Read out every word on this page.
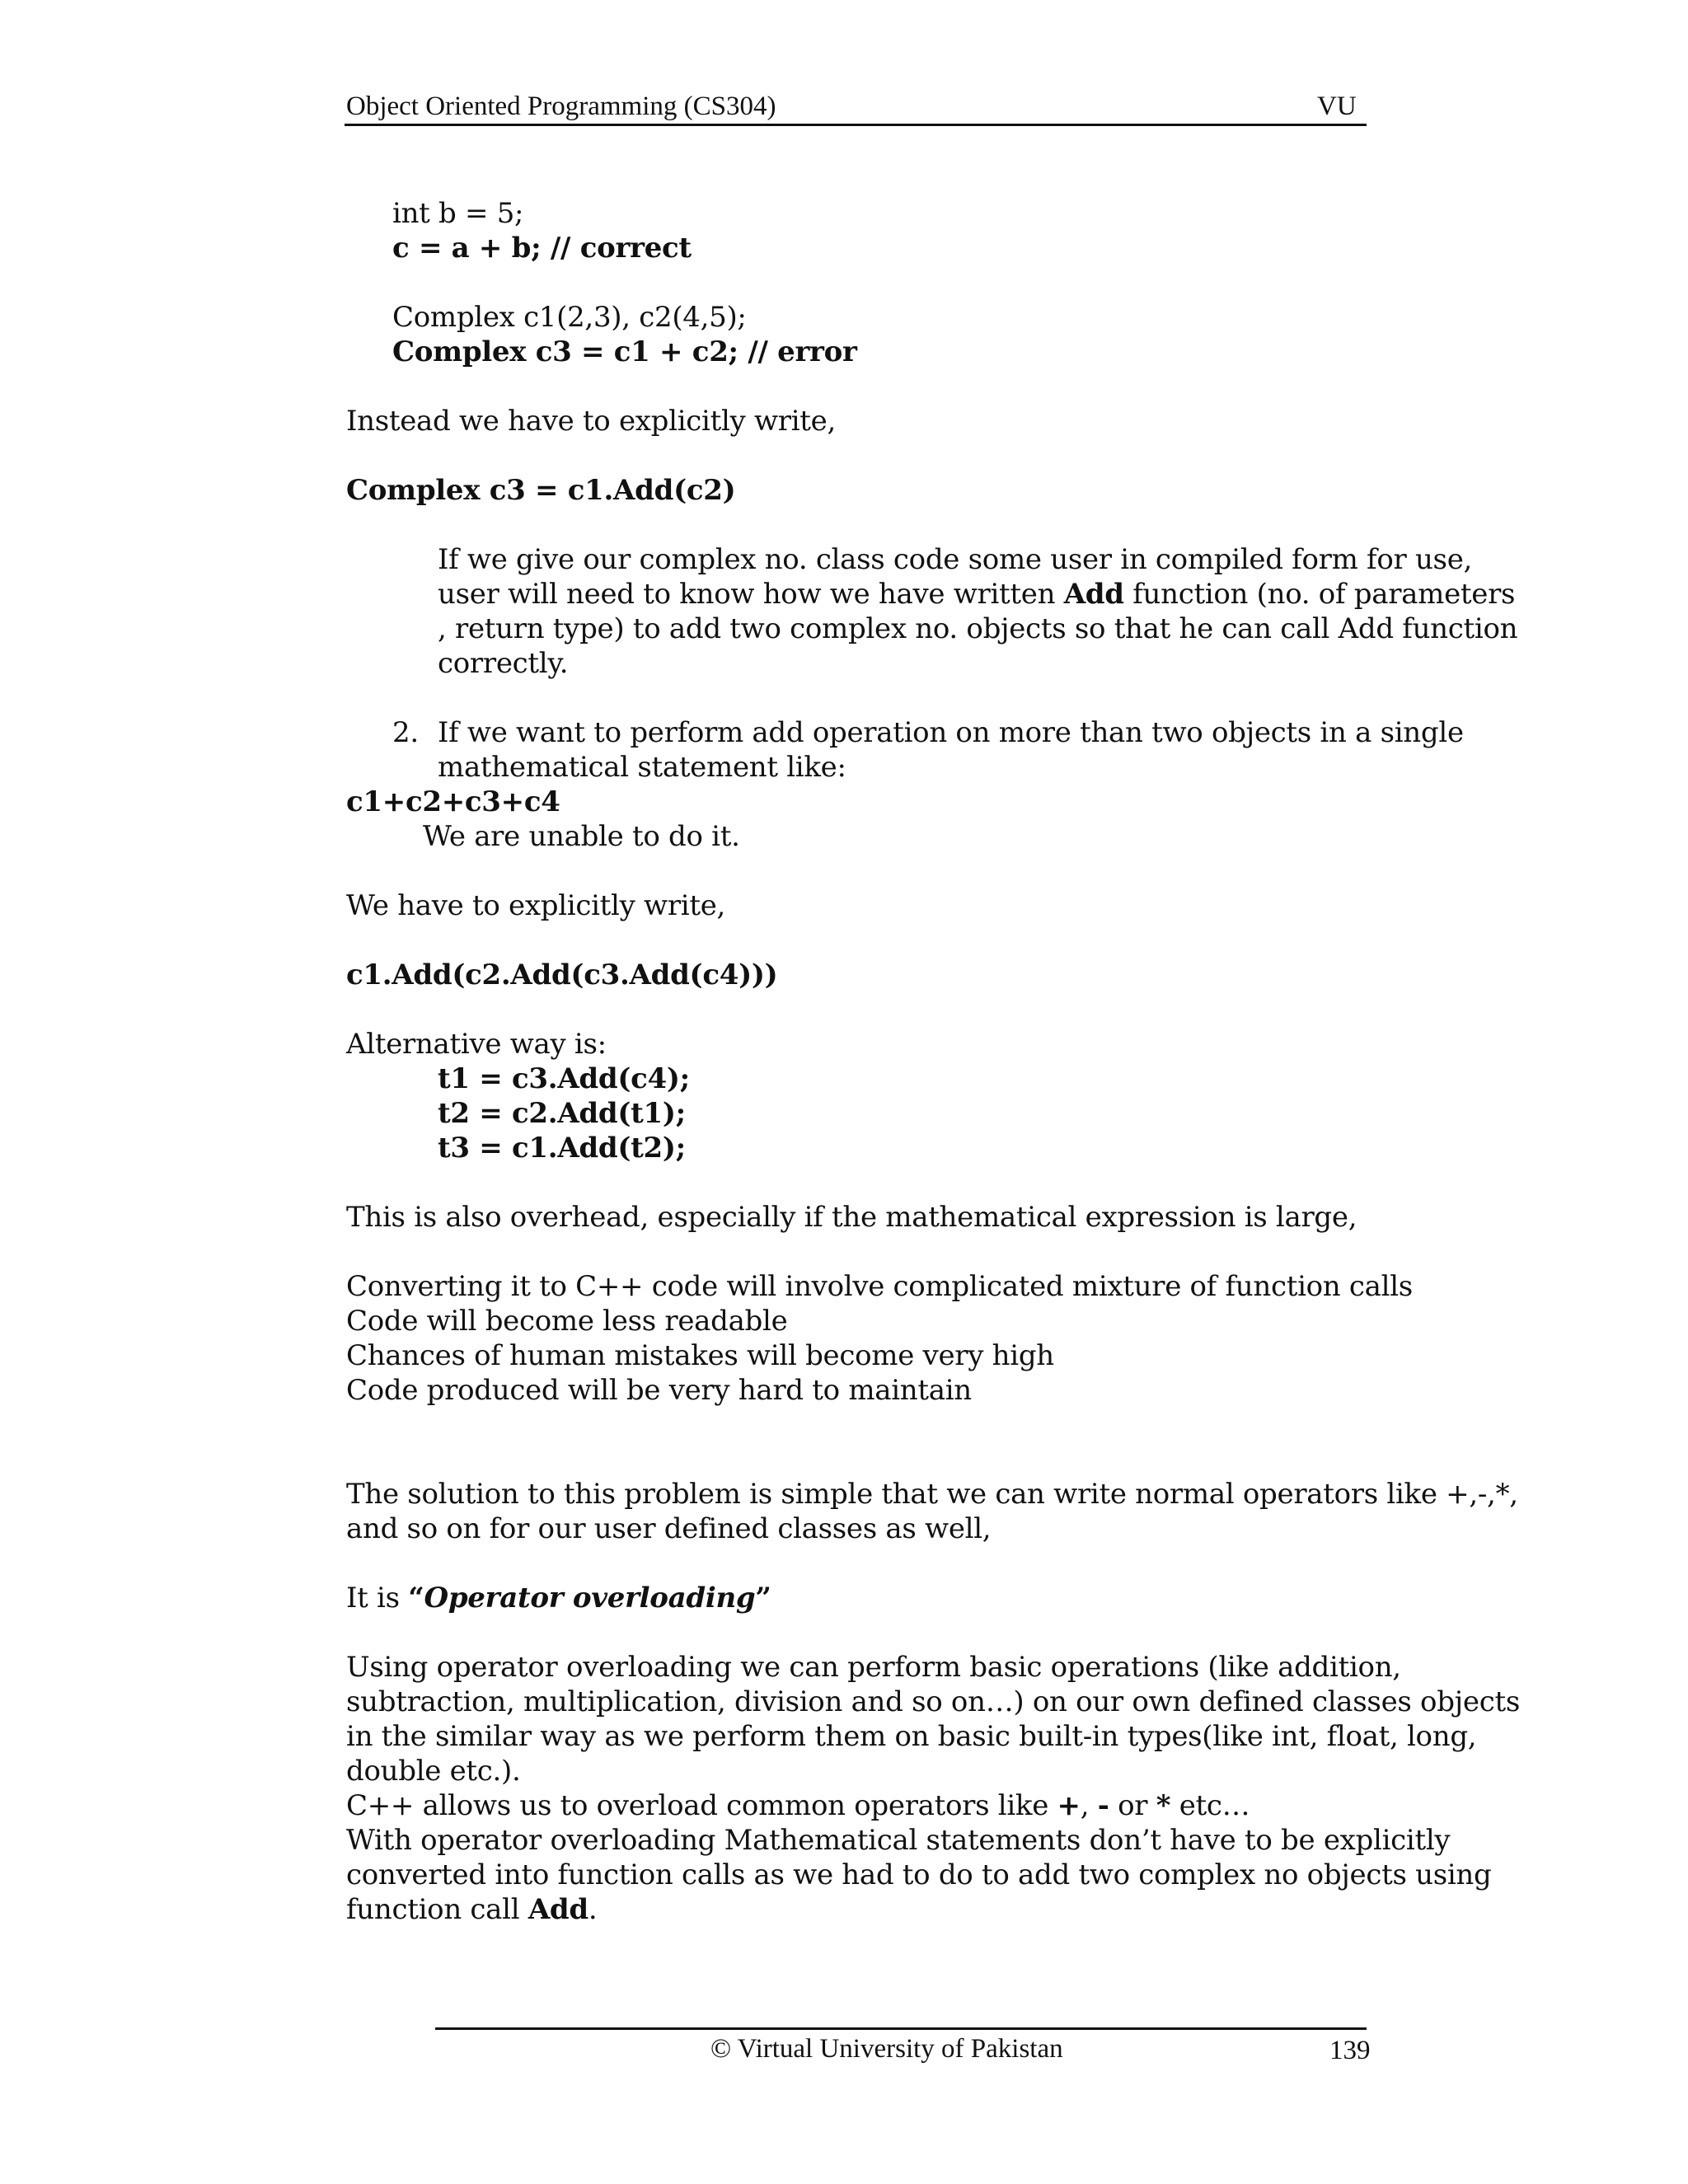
Object Oriented Programming (CS304)	VU
int b = 5;
c = a + b; // correct
Complex c1(2,3), c2(4,5);
Complex c3 = c1 + c2; // error
Instead we have to explicitly write,
Complex c3 = c1.Add(c2)
If we give our complex no. class code some user in compiled form for use,
user will need to know how we have written Add function (no. of parameters
, return type) to add two complex no. objects so that he can call Add function
correctly.
2. If we want to perform add operation on more than two objects in a single
mathematical statement like:
c1+c2+c3+c4
We are unable to do it.
We have to explicitly write,
c1.Add(c2.Add(c3.Add(c4)))
Alternative way is:
t1 = c3.Add(c4);
t2 = c2.Add(t1);
t3 = c1.Add(t2);
This is also overhead, especially if the mathematical expression is large,
Converting it to C++ code will involve complicated mixture of function calls
Code will become less readable
Chances of human mistakes will become very high
Code produced will be very hard to maintain
The solution to this problem is simple that we can write normal operators like +,-,*,
and so on for our user defined classes as well,
It is “Operator overloading”
Using operator overloading we can perform basic operations (like addition,
subtraction, multiplication, division and so on…) on our own defined classes objects
in the similar way as we perform them on basic built-in types(like int, float, long,
double etc.).
C++ allows us to overload common operators like +, - or * etc…
With operator overloading Mathematical statements don’t have to be explicitly
converted into function calls as we had to do to add two complex no objects using
function call Add.
© Virtual University of Pakistan	139
